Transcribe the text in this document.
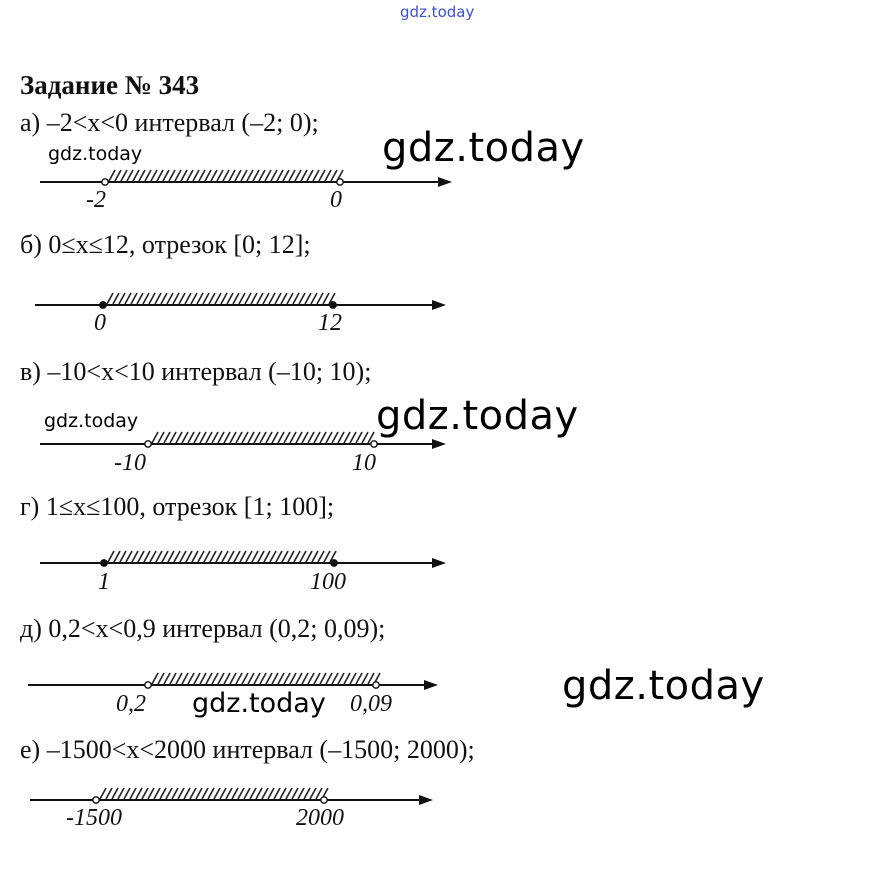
gdz.today
Задание № 343
а) –2<x<0 интервал (–2; 0);
gdz.today
gdz.today
-2	0
б) 0≤x≤12, отрезок [0; 12];
0	12
в) –10<x<10 интервал (–10; 10);
gdz.today
gdz.today
-10	10
г) 1≤x≤100, отрезок [1; 100];
1	100
д) 0,2<x<0,9 интервал (0,2; 0,09);
gdz.today
0,2	0,09
gdz.today
е) –1500<x<2000 интервал (–1500; 2000);
-1500	2000
